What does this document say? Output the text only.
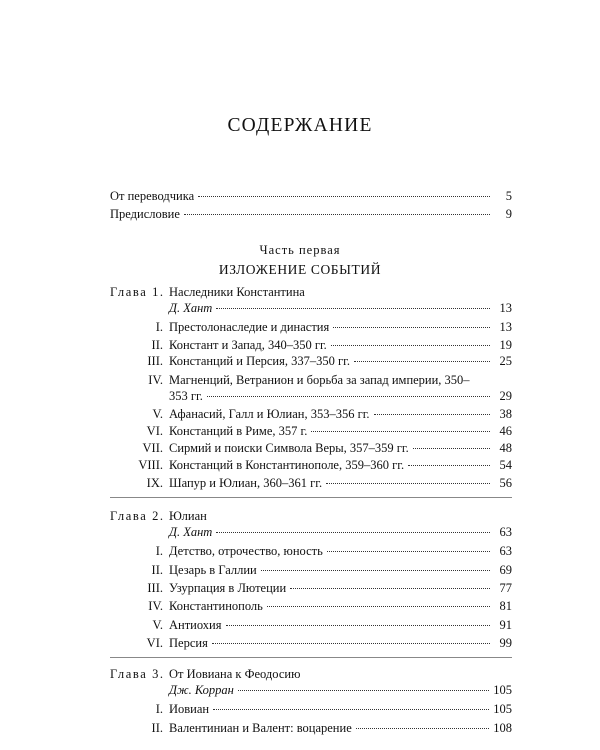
СОДЕРЖАНИЕ
От переводчика	5
Предисловие	9
Часть первая
ИЗЛОЖЕНИЕ СОБЫТИЙ
Глава 1. Наследники Константина
Д. Хант	13
I. Престолонаследие и династия	13
II. Констант и Запад, 340–350 гг.	19
III. Констанций и Персия, 337–350 гг.	25
IV. Магненций, Ветранион и борьба за запад империи, 350–
353 гг.	29
V. Афанасий, Галл и Юлиан, 353–356 гг.	38
VI. Констанций в Риме, 357 г.	46
VII. Сирмий и поиски Символа Веры, 357–359 гг.	48
VIII. Констанций в Константинополе, 359–360 гг.	54
IX. Шапур и Юлиан, 360–361 гг.	56
Глава 2. Юлиан
Д. Хант	63
I. Детство, отрочество, юность	63
II. Цезарь в Галлии	69
III. Узурпация в Лютеции	77
IV. Константинополь	81
V. Антиохия	91
VI. Персия	99
Глава 3. От Иовиана к Феодосию
Дж. Корран	105
I. Иовиан	105
II. Валентиниан и Валент: воцарение	108
